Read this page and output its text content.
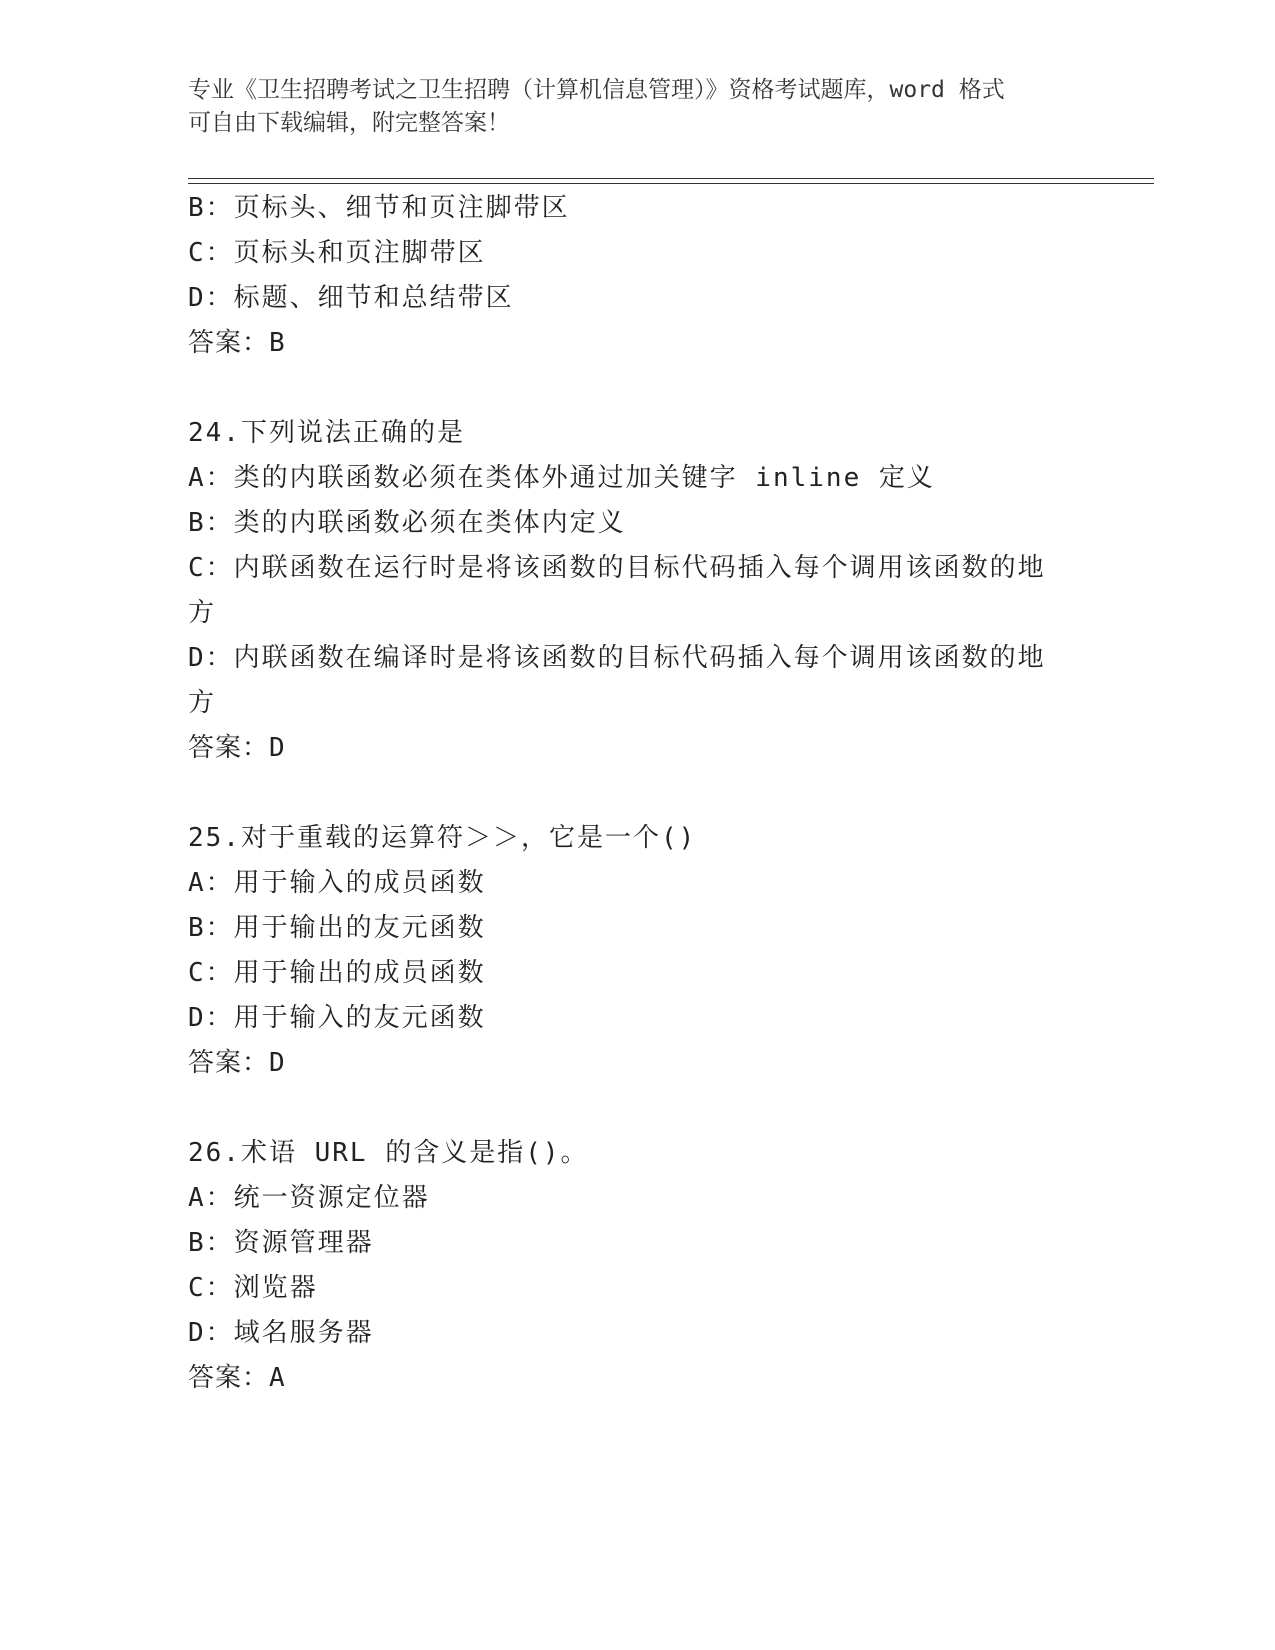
专业《卫生招聘考试之卫生招聘（计算机信息管理）》资格考试题库，word 格式
可自由下载编辑，附完整答案！
B：页标头、细节和页注脚带区
C：页标头和页注脚带区
D：标题、细节和总结带区
答案：B
24.下列说法正确的是
A：类的内联函数必须在类体外通过加关键字 inline 定义
B：类的内联函数必须在类体内定义
C：内联函数在运行时是将该函数的目标代码插入每个调用该函数的地
方
D：内联函数在编译时是将该函数的目标代码插入每个调用该函数的地
方
答案：D
25.对于重载的运算符＞＞，它是一个()
A：用于输入的成员函数
B：用于输出的友元函数
C：用于输出的成员函数
D：用于输入的友元函数
答案：D
26.术语 URL 的含义是指()。
A：统一资源定位器
B：资源管理器
C：浏览器
D：域名服务器
答案：A
